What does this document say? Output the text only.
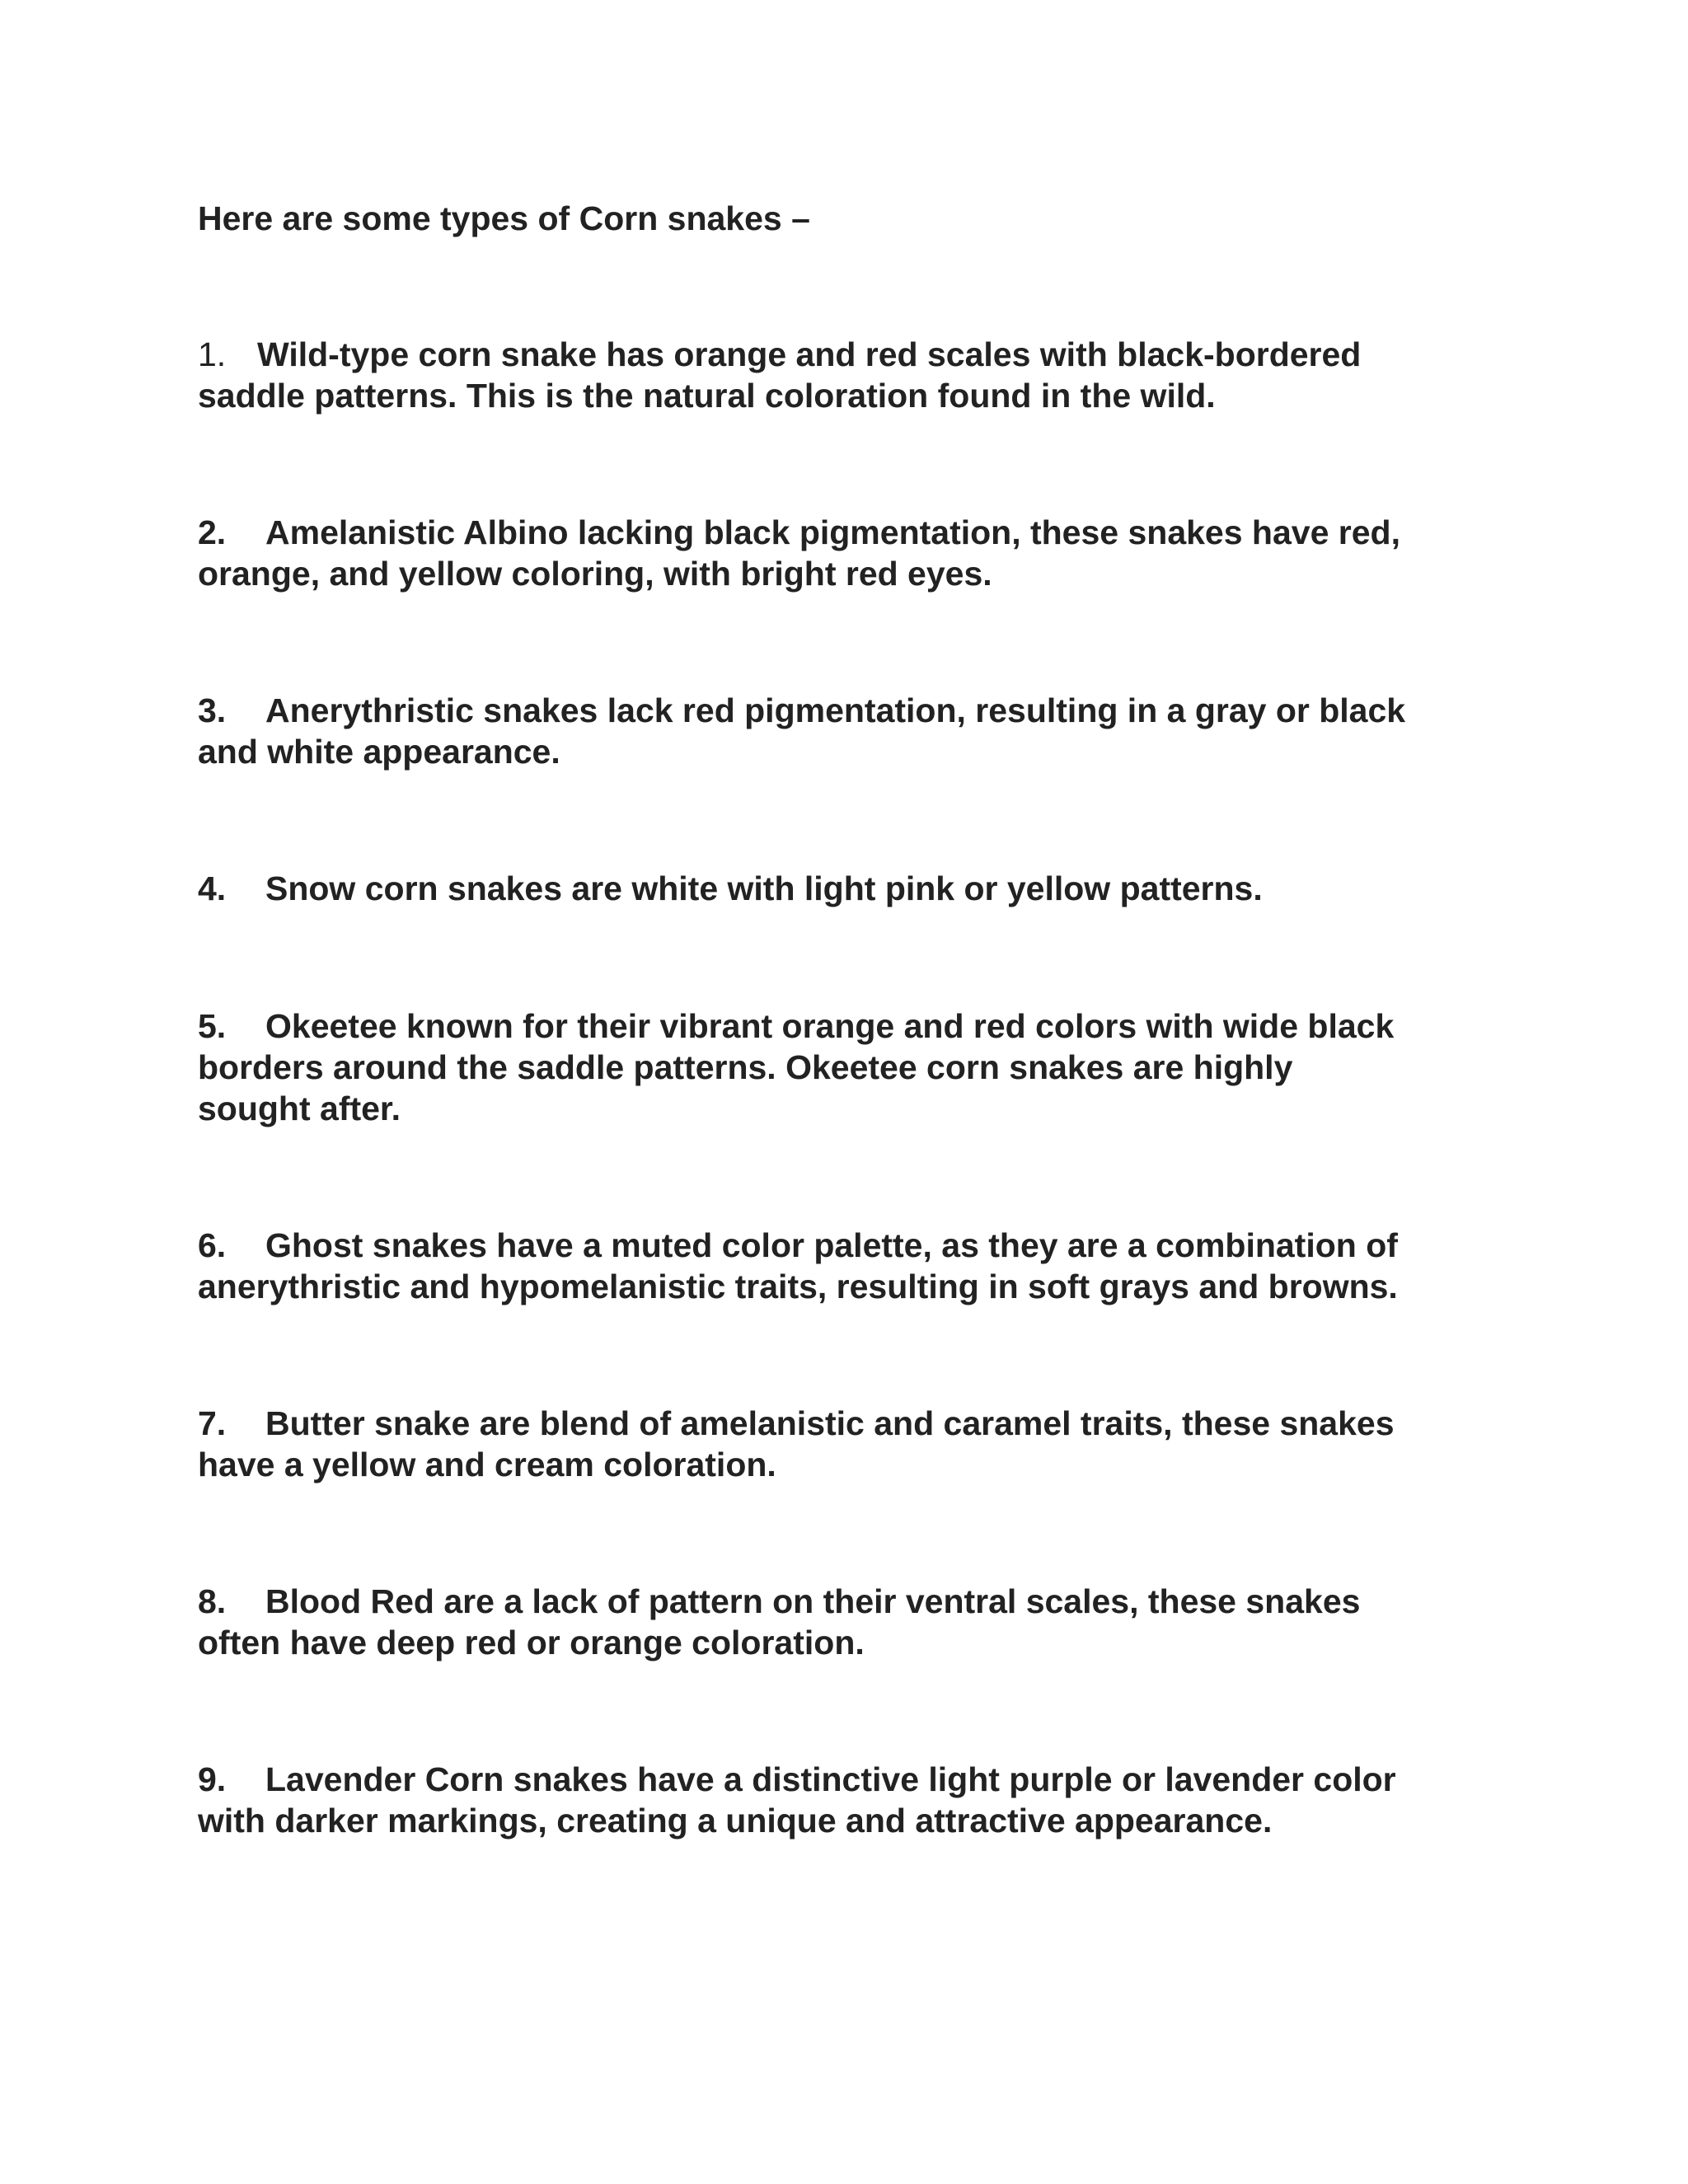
Here are some types of Corn snakes –
1. Wild-type corn snake has orange and red scales with black-bordered
saddle patterns. This is the natural coloration found in the wild.
2. Amelanistic Albino lacking black pigmentation, these snakes have red,
orange, and yellow coloring, with bright red eyes.
3. Anerythristic snakes lack red pigmentation, resulting in a gray or black
and white appearance.
4. Snow corn snakes are white with light pink or yellow patterns.
5. Okeetee known for their vibrant orange and red colors with wide black
borders around the saddle patterns. Okeetee corn snakes are highly
sought after.
6. Ghost snakes have a muted color palette, as they are a combination of
anerythristic and hypomelanistic traits, resulting in soft grays and browns.
7. Butter snake are blend of amelanistic and caramel traits, these snakes
have a yellow and cream coloration.
8. Blood Red are a lack of pattern on their ventral scales, these snakes
often have deep red or orange coloration.
9. Lavender Corn snakes have a distinctive light purple or lavender color
with darker markings, creating a unique and attractive appearance.
